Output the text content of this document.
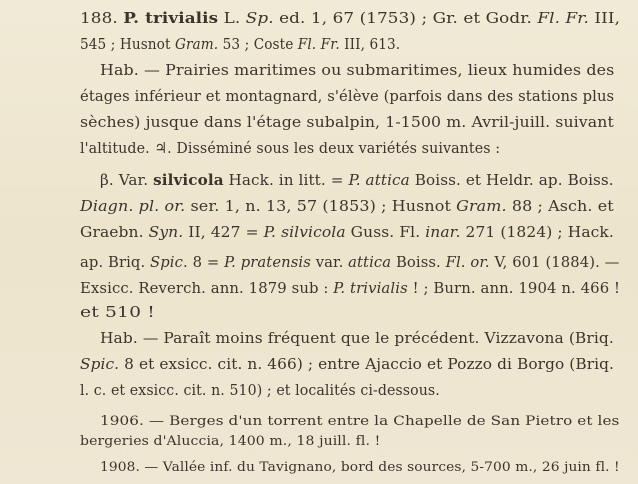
188. P. trivialis L. Sp. ed. 1, 67 (1753) ; Gr. et Godr. Fl. Fr. III,
545 ; Husnot Gram. 53 ; Coste Fl. Fr. III, 613.
Hab. — Prairies maritimes ou submaritimes, lieux humides des
étages inférieur et montagnard, s'élève (parfois dans des stations plus
sèches) jusque dans l'étage subalpin, 1-1500 m. Avril-juill. suivant
l'altitude. ♃. Disséminé sous les deux variétés suivantes :
β. Var. silvicola Hack. in litt. = P. attica Boiss. et Heldr. ap. Boiss.
Diagn. pl. or. ser. 1, n. 13, 57 (1853) ; Husnot Gram. 88 ; Asch. et
Graebn. Syn. II, 427 = P. silvicola Guss. Fl. inar. 271 (1824) ; Hack.
ap. Briq. Spic. 8 = P. pratensis var. attica Boiss. Fl. or. V, 601 (1884). —
Exsicc. Reverch. ann. 1879 sub : P. trivialis ! ; Burn. ann. 1904 n. 466 !
et 510 !
Hab. — Paraît moins fréquent que le précédent. Vizzavona (Briq.
Spic. 8 et exsicc. cit. n. 466) ; entre Ajaccio et Pozzo di Borgo (Briq.
l. c. et exsicc. cit. n. 510) ; et localités ci-dessous.
1906. — Berges d'un torrent entre la Chapelle de San Pietro et les
bergeries d'Aluccia, 1400 m., 18 juill. fl. !
1908. — Vallée inf. du Tavignano, bord des sources, 5-700 m., 26 juin fl. !
